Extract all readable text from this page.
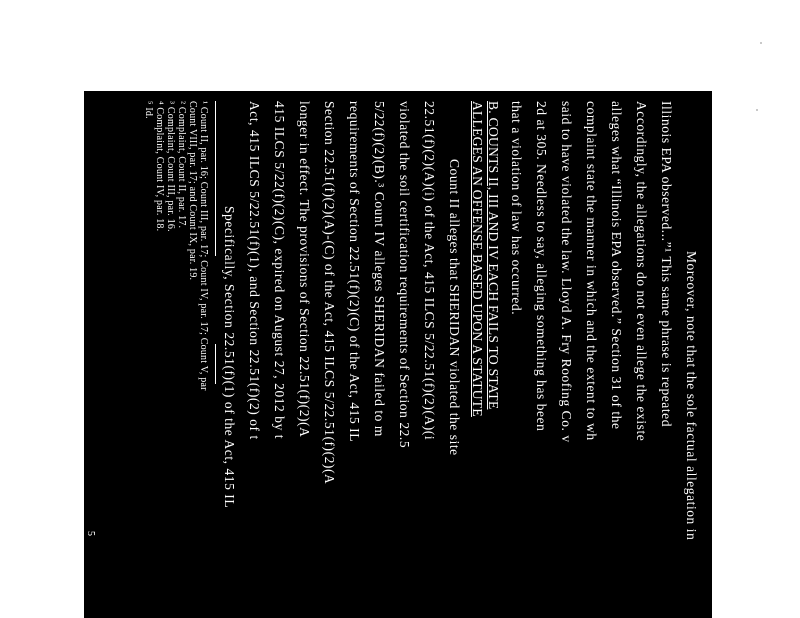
Moreover, note that the sole factual allegation in
Illinois EPA observed...”¹ This same phrase is repeated
Accordingly, the allegations do not even allege the existe
alleges what “Illinois EPA observed.” Section 31 of the
complaint state the manner in which and the extent to wh
said to have violated the law. Lloyd A. Fry Roofing Co. v
2d at 305. Needless to say, alleging something has been
that a violation of law has occurred.
B. COUNTS II, III AND IV EACH FAILS TO STATE
ALLEGES AN OFFENSE BASED UPON A STATUTE
Count II alleges that SHERIDAN violated the site
22.51(f)(2)(A)(i) of the Act, 415 ILCS 5/22.51(f)(2)(A)(i
violated the soil certification requirements of Section 22.5
5/22(f)(2)(B).³ Count IV alleges SHERIDAN failed to m
requirements of Section 22.51(f)(2)(C) of the Act, 415 IL
Section 22.51(f)(2)(A)-(C) of the Act, 415 ILCS 5/22.51(f)(2)(A
longer in effect. The provisions of Section 22.51(f)(2)(A
415 ILCS 5/22(f)(2)(C), expired on August 27, 2012 by t
Act, 415 ILCS 5/22.51(f)(1), and Section 22.51(f)(2) of t
Specifically, Section 22.51(f)(1) of the Act, 415 IL
¹ Count II, par. 16; Count III, par. 17; Count IV, par. 17; Count V, par
Count VIII, par. 17; and Count IX, par. 19.
² Complaint, Count II, par. 17.
³ Complaint, Count III, par. 16.
⁴ Complaint, Count IV, par. 18.
⁵ Id.
5
